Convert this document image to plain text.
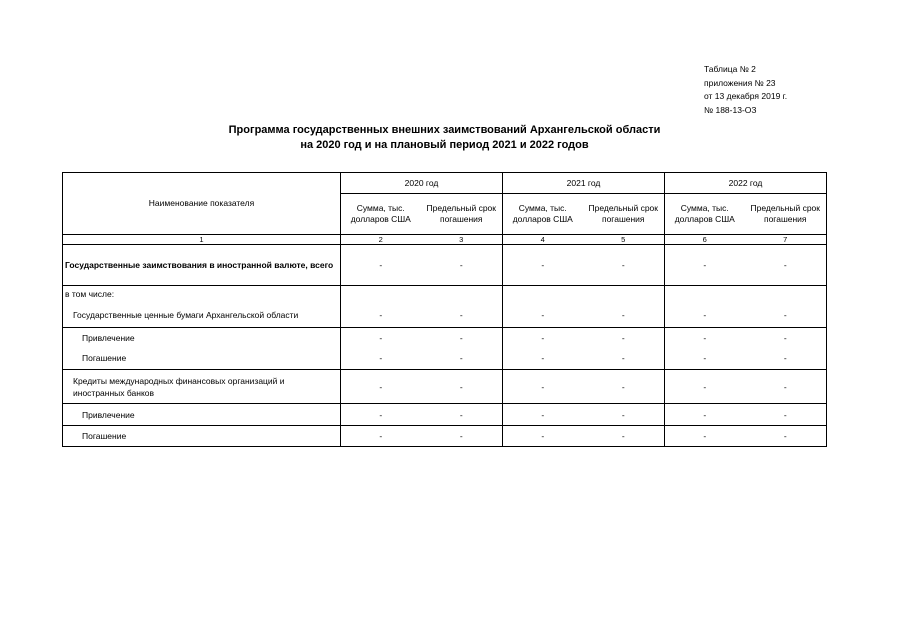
Таблица № 2
приложения № 23
от 13 декабря 2019 г.
№ 188-13-ОЗ
Программа государственных внешних заимствований Архангельской области
на 2020 год и на плановый период 2021 и 2022 годов
Наименование показателя	2020 год		2021 год		2022 год	
	Сумма, тыс. долларов США	Предельный срок погашения	Сумма, тыс. долларов США	Предельный срок погашения	Сумма, тыс. долларов США	Предельный срок погашения
1	2	3	4	5	6	7
Государственные заимствования в иностранной валюте, всего	-	-	-	-	-	-
в том числе:						
Государственные ценные бумаги Архангельской области	-	-	-	-	-	-
Привлечение	-	-	-	-	-	-
Погашение	-	-	-	-	-	-
Кредиты международных финансовых организаций и иностранных банков	-	-	-	-	-	-
Привлечение	-	-	-	-	-	-
Погашение	-	-	-	-	-	-
